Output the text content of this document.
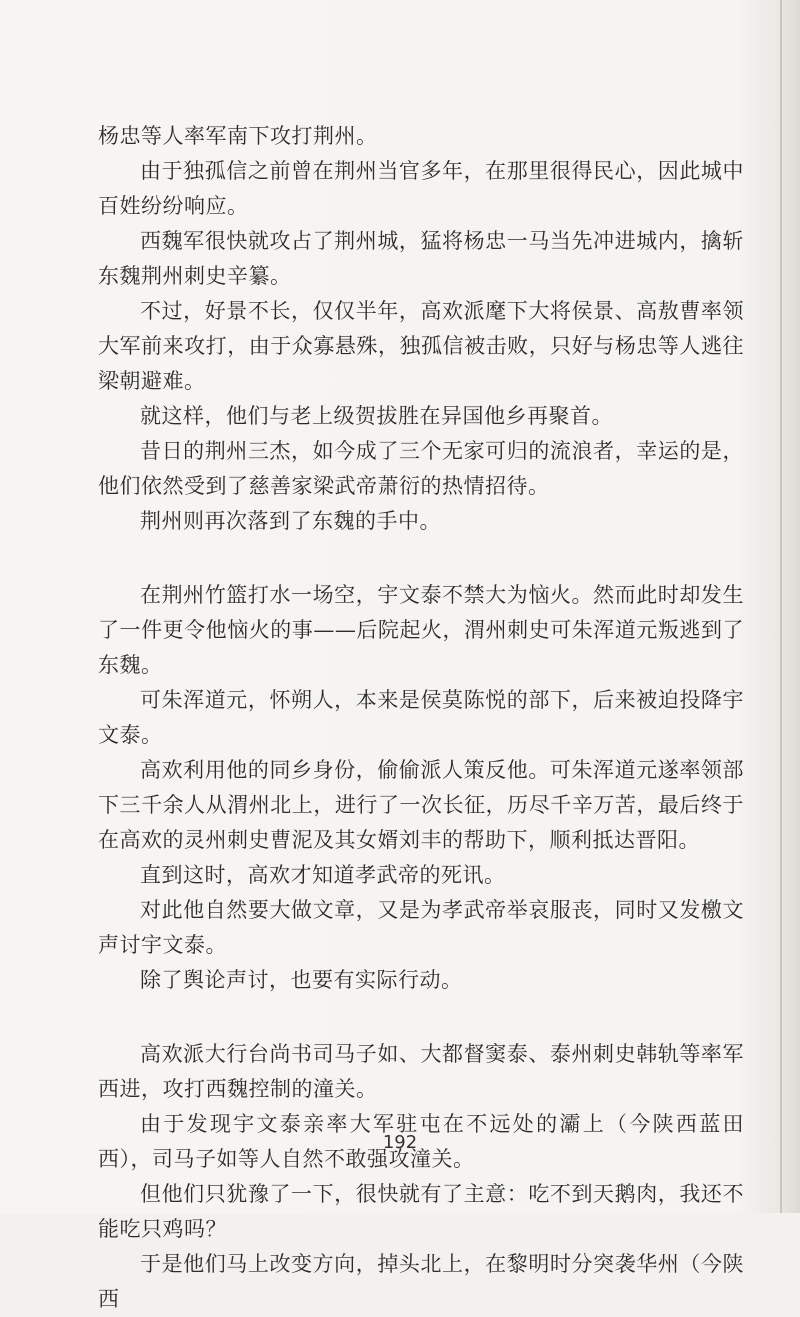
杨忠等人率军南下攻打荆州。

由于独孤信之前曾在荆州当官多年，在那里很得民心，因此城中百姓纷纷响应。

西魏军很快就攻占了荆州城，猛将杨忠一马当先冲进城内，擒斩东魏荆州刺史辛纂。

不过，好景不长，仅仅半年，高欢派麾下大将侯景、高敖曹率领大军前来攻打，由于众寡悬殊，独孤信被击败，只好与杨忠等人逃往梁朝避难。

就这样，他们与老上级贺拔胜在异国他乡再聚首。

昔日的荆州三杰，如今成了三个无家可归的流浪者，幸运的是，他们依然受到了慈善家梁武帝萧衍的热情招待。

荆州则再次落到了东魏的手中。

在荆州竹篮打水一场空，宇文泰不禁大为恼火。然而此时却发生了一件更令他恼火的事——后院起火，渭州刺史可朱浑道元叛逃到了东魏。

可朱浑道元，怀朔人，本来是侯莫陈悦的部下，后来被迫投降宇文泰。

高欢利用他的同乡身份，偷偷派人策反他。可朱浑道元遂率领部下三千余人从渭州北上，进行了一次长征，历尽千辛万苦，最后终于在高欢的灵州刺史曹泥及其女婿刘丰的帮助下，顺利抵达晋阳。

直到这时，高欢才知道孝武帝的死讯。

对此他自然要大做文章，又是为孝武帝举哀服丧，同时又发檄文声讨宇文泰。

除了舆论声讨，也要有实际行动。

高欢派大行台尚书司马子如、大都督窦泰、泰州刺史韩轨等率军西进，攻打西魏控制的潼关。

由于发现宇文泰亲率大军驻屯在不远处的灞上（今陕西蓝田西），司马子如等人自然不敢强攻潼关。

但他们只犹豫了一下，很快就有了主意：吃不到天鹅肉，我还不能吃只鸡吗？

于是他们马上改变方向，掉头北上，在黎明时分突袭华州（今陕西

192
